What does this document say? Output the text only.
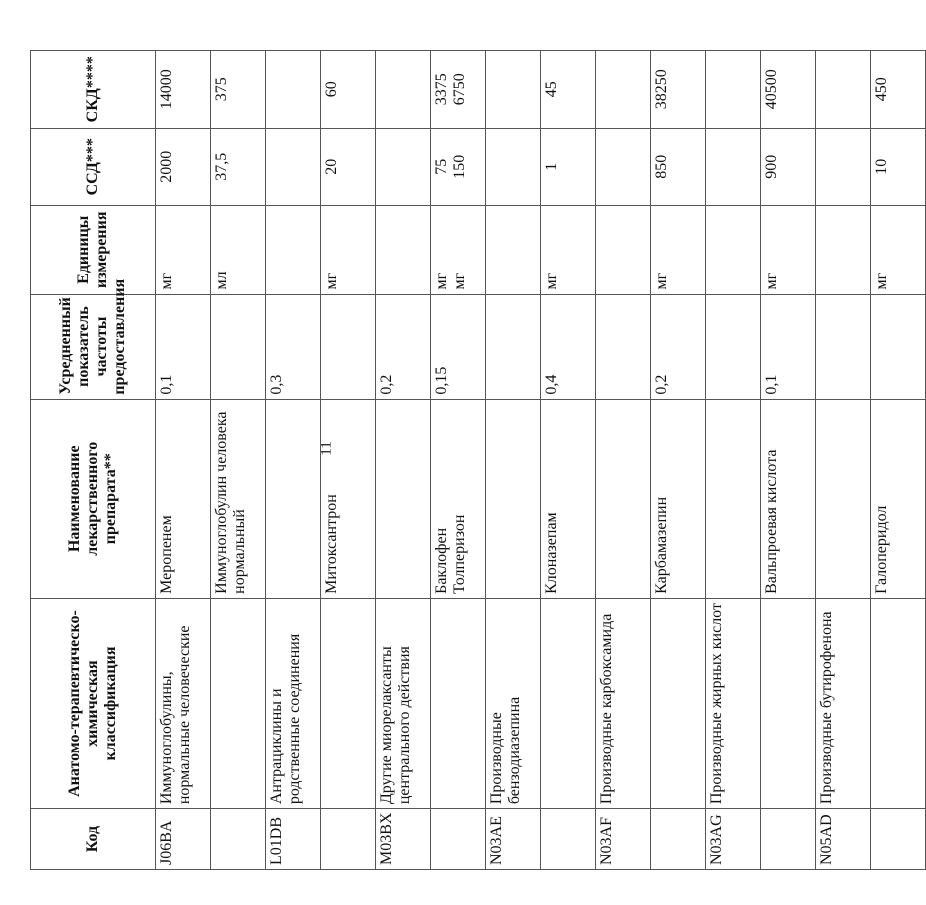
11
Код	Анатомо-терапевтическо-химическая классификация	Наименование лекарственного препарата**	Усредненный показатель частоты предоставления	Единицы измерения	ССД***	СКД****

J06BA	Иммуноглобулины, нормальные человеческие	Меропенем	0,1	мг	2000	14000

		Иммуноглобулин человека нормальный		мл	37,5	375

L01DB	Антрациклины и родственные соединения		0,3			

		Митоксантрон		мг	20	60

M03BX	Другие миорелаксанты центрального действия		0,2			

		Баклофен Толперизон	0,15	мг мг	75 150	3375 6750

N03AE	Производные бензодиазепина					

		Клоназепам	0,4	мг	1	45

N03AF	Производные карбоксамида					

		Карбамазепин	0,2	мг	850	38250

N03AG	Производные жирных кислот					

		Вальпроевая кислота	0,1	мг	900	40500

N05AD	Производные бутирофенона					

		Галоперидол		мг	10	450
